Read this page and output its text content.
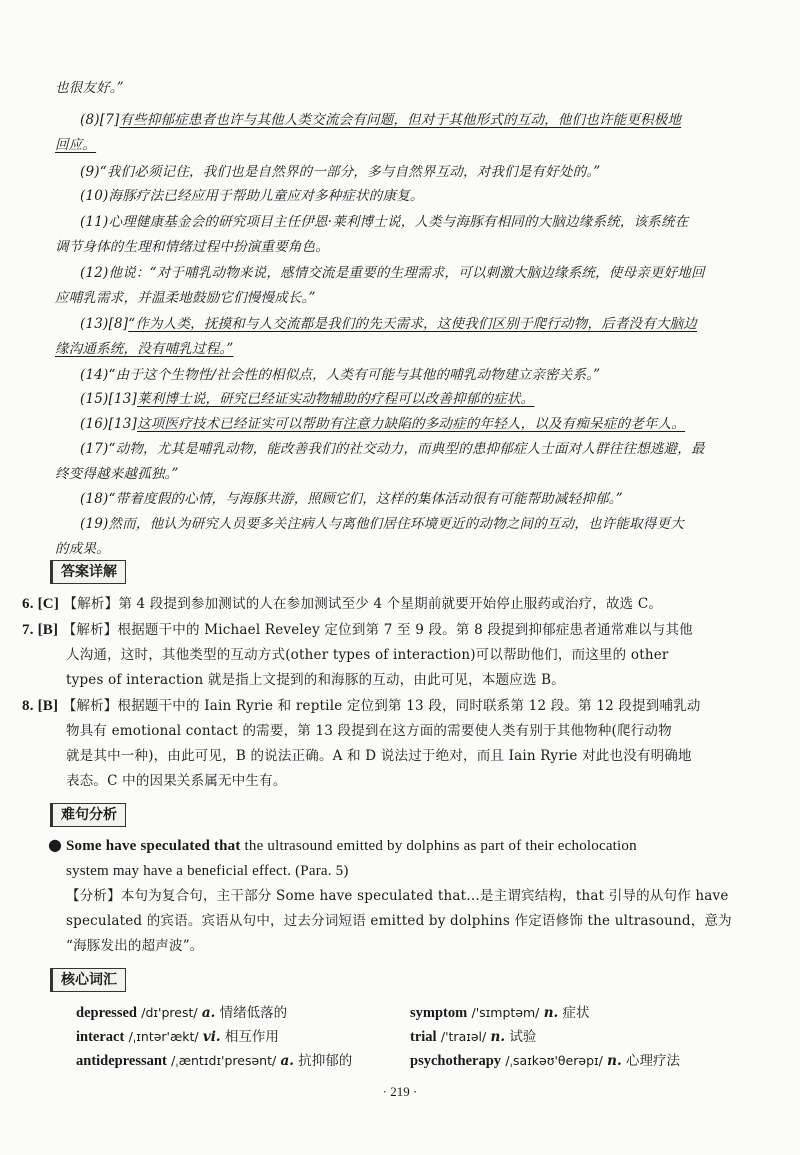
也很友好。”
(8)[7]有些抑郁症患者也许与其他人类交流会有问题，但对于其他形式的互动，他们也许能更积极地
回应。
(9)“我们必须记住，我们也是自然界的一部分，多与自然界互动，对我们是有好处的。”
(10)海豚疗法已经应用于帮助儿童应对多种症状的康复。
(11)心理健康基金会的研究项目主任伊恩·莱利博士说，人类与海豚有相同的大脑边缘系统，该系统在
调节身体的生理和情绪过程中扮演重要角色。
(12)他说：“对于哺乳动物来说，感情交流是重要的生理需求，可以刺激大脑边缘系统，使母亲更好地回
应哺乳需求，并温柔地鼓励它们慢慢成长。”
(13)[8]“作为人类，抚摸和与人交流都是我们的先天需求，这使我们区别于爬行动物，后者没有大脑边
缘沟通系统，没有哺乳过程。”
(14)“由于这个生物性/社会性的相似点，人类有可能与其他的哺乳动物建立亲密关系。”
(15)[13]莱利博士说，研究已经证实动物辅助的疗程可以改善抑郁的症状。
(16)[13]这项医疗技术已经证实可以帮助有注意力缺陷的多动症的年轻人，以及有痴呆症的老年人。
(17)“动物，尤其是哺乳动物，能改善我们的社交动力，而典型的患抑郁症人士面对人群往往想逃避，最
终变得越来越孤独。”
(18)“带着度假的心情，与海豚共游，照顾它们，这样的集体活动很有可能帮助减轻抑郁。”
(19)然而，他认为研究人员要多关注病人与离他们居住环境更近的动物之间的互动，也许能取得更大
的成果。
答案详解
6. [C] 【解析】第 4 段提到参加测试的人在参加测试至少 4 个星期前就要开始停止服药或治疗，故选 C。
7. [B] 【解析】根据题干中的 Michael Reveley 定位到第 7 至 9 段。第 8 段提到抑郁症患者通常难以与其他
人沟通，这时，其他类型的互动方式(other types of interaction)可以帮助他们，而这里的 other
types of interaction 就是指上文提到的和海豚的互动，由此可见，本题应选 B。
8. [B] 【解析】根据题干中的 Iain Ryrie 和 reptile 定位到第 13 段，同时联系第 12 段。第 12 段提到哺乳动
物具有 emotional contact 的需要，第 13 段提到在这方面的需要使人类有别于其他物种(爬行动物
就是其中一种)，由此可见，B 的说法正确。A 和 D 说法过于绝对，而且 Iain Ryrie 对此也没有明确地
表态。C 中的因果关系属无中生有。
难句分析
● Some have speculated that the ultrasound emitted by dolphins as part of their echolocation
system may have a beneficial effect. (Para. 5)
【分析】本句为复合句，主干部分 Some have speculated that…是主谓宾结构，that 引导的从句作 have
speculated 的宾语。宾语从句中，过去分词短语 emitted by dolphins 作定语修饰 the ultrasound，意为
“海豚发出的超声波”。
核心词汇
depressed /dɪ'prest/ a. 情绪低落的	symptom /'sɪmptəm/ n. 症状
interact /ˌɪntər'ækt/ vi. 相互作用	trial /'traɪəl/ n. 试验
antidepressant /ˌæntɪdɪ'presənt/ a. 抗抑郁的	psychotherapy /ˌsaɪkəʊ'θerəpɪ/ n. 心理疗法
· 219 ·
